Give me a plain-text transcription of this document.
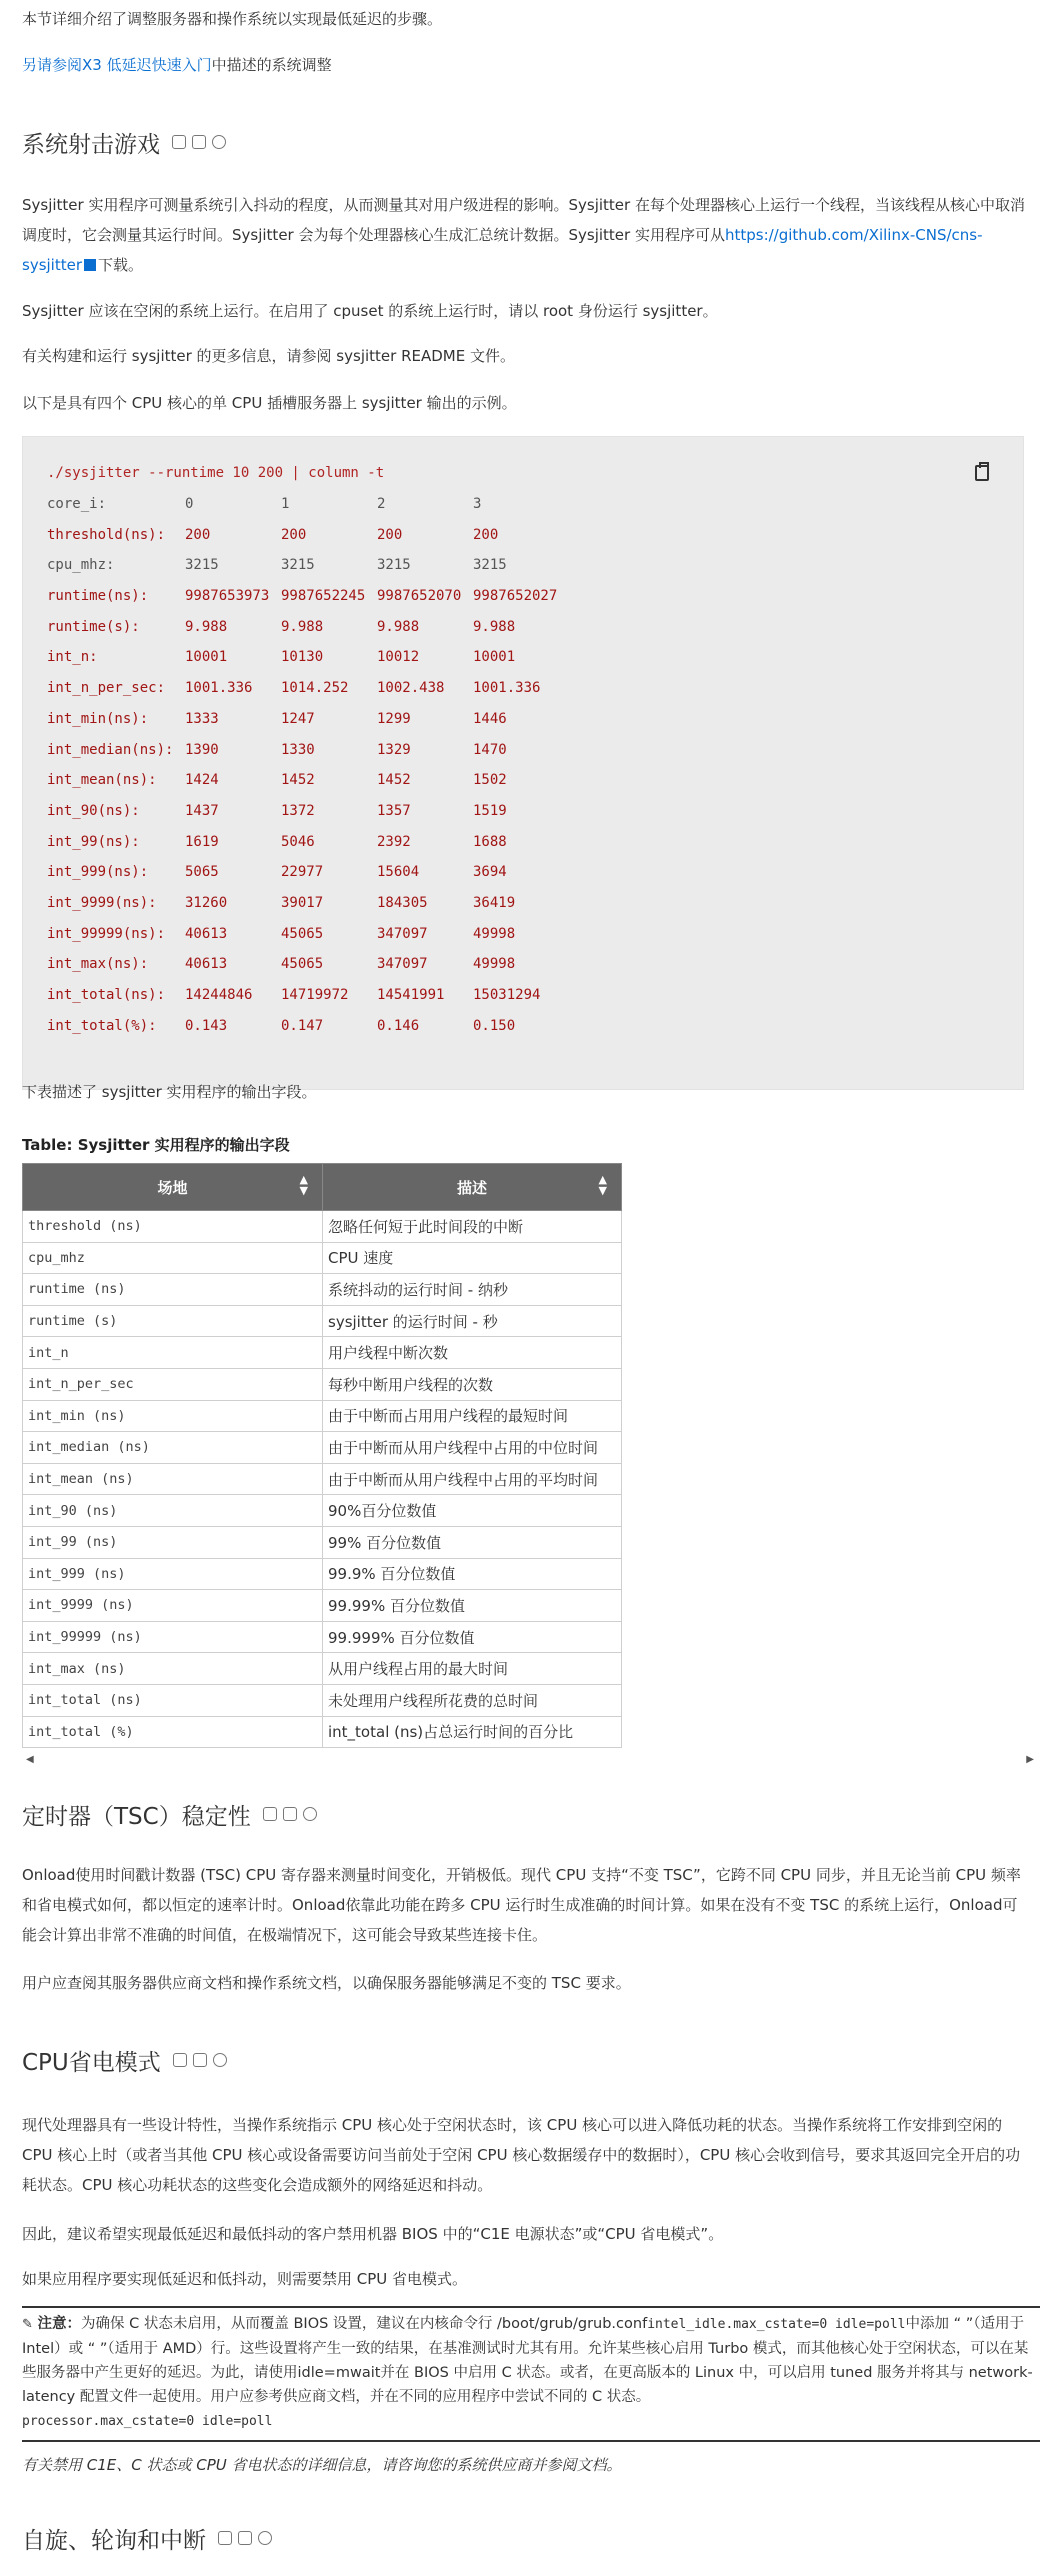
本节详细介绍了调整服务器和操作系统以实现最低延迟的步骤。

另请参阅X3 低延迟快速入门中描述的系统调整

系统射击游戏

Sysjitter 实用程序可测量系统引入抖动的程度，从而测量其对用户级进程的影响。Sysjitter 在每个处理器核心上运行一个线程，当该线程从核心中取消调度时，它会测量其运行时间。Sysjitter 会为每个处理器核心生成汇总统计数据。Sysjitter 实用程序可从https://github.com/Xilinx-CNS/cns-sysjitter 下载。

Sysjitter 应该在空闲的系统上运行。在启用了 cpuset 的系统上运行时，请以 root 身份运行 sysjitter。

有关构建和运行 sysjitter 的更多信息，请参阅 sysjitter README 文件。

以下是具有四个 CPU 核心的单 CPU 插槽服务器上 sysjitter 输出的示例。

./sysjitter --runtime 10 200 | column -t
core_i:	0	1	2	3
threshold(ns):	200	200	200	200
cpu_mhz:	3215	3215	3215	3215
runtime(ns):	9987653973 9987652245 9987652070 9987652027
runtime(s):	9.988	9.988	9.988	9.988
int_n:	10001	10130	10012	10001
int_n_per_sec:	1001.336	1014.252	1002.438	1001.336
int_min(ns):	1333	1247	1299	1446
int_median(ns): 1390	1330	1329	1470
int_mean(ns):	1424	1452	1452	1502
int_90(ns):	1437	1372	1357	1519
int_99(ns):	1619	5046	2392	1688
int_999(ns):	5065	22977	15604	3694
int_9999(ns):	31260	39017	184305	36419
int_99999(ns):	40613	45065	347097	49998
int_max(ns):	40613	45065	347097	49998
int_total(ns):	14244846	14719972	14541991	15031294
int_total(%):	0.143	0.147	0.146	0.150

下表描述了 sysjitter 实用程序的输出字段。

Table: Sysjitter 实用程序的输出字段
场地 ▲
▼	描述 ▲
▼

threshold (ns)	忽略任何短于此时间段的中断
cpu_mhz	CPU 速度
runtime (ns)	系统抖动的运行时间 - 纳秒
runtime (s)	sysjitter 的运行时间 - 秒
int_n	用户线程中断次数
int_n_per_sec	每秒中断用户线程的次数
int_min (ns)	由于中断而占用用户线程的最短时间
int_median (ns)	由于中断而从用户线程中占用的中位时间
int_mean (ns)	由于中断而从用户线程中占用的平均时间
int_90 (ns)	90%百分位数值
int_99 (ns)	99% 百分位数值
int_999 (ns)	99.9% 百分位数值
int_9999 (ns)	99.99% 百分位数值
int_99999 (ns)	99.999% 百分位数值
int_max (ns)	从用户线程占用的最大时间
int_total (ns)	未处理用户线程所花费的总时间
int_total (%)	int_total (ns)占总运行时间的百分比
◀	▶
定时器（TSC）稳定性

Onload使用时间戳计数器 (TSC) CPU 寄存器来测量时间变化，开销极低。现代 CPU 支持“不变 TSC”，它跨不同 CPU 同步，并且无论当前 CPU 频率和省电模式如何，都以恒定的速率计时。Onload依靠此功能在跨多 CPU 运行时生成准确的时间计算。如果在没有不变 TSC 的系统上运行，Onload可能会计算出非常不准确的时间值，在极端情况下，这可能会导致某些连接卡住。

用户应查阅其服务器供应商文档和操作系统文档，以确保服务器能够满足不变的 TSC 要求。

CPU省电模式

现代处理器具有一些设计特性，当操作系统指示 CPU 核心处于空闲状态时，该 CPU 核心可以进入降低功耗的状态。当操作系统将工作安排到空闲的 CPU 核心上时（或者当其他 CPU 核心或设备需要访问当前处于空闲 CPU 核心数据缓存中的数据时），CPU 核心会收到信号，要求其返回完全开启的功耗状态。CPU 核心功耗状态的这些变化会造成额外的网络延迟和抖动。

因此，建议希望实现最低延迟和最低抖动的客户禁用机器 BIOS 中的“C1E 电源状态”或“CPU 省电模式”。

如果应用程序要实现低延迟和低抖动，则需要禁用 CPU 省电模式。

✎ 注意：为确保 C 状态未启用，从而覆盖 BIOS 设置，建议在内核命令行 /boot/grub/grub.confintel_idle.max_cstate=0 idle=poll中添加 “ ”（适用于 Intel）或 “ ”（适用于 AMD）行。这些设置将产生一致的结果，在基准测试时尤其有用。允许某些核心启用 Turbo 模式，而其他核心处于空闲状态，可以在某些服务器中产生更好的延迟。为此，请使用idle=mwait并在 BIOS 中启用 C 状态。或者，在更高版本的 Linux 中，可以启用 tuned 服务并将其与 network-latency 配置文件一起使用。用户应参考供应商文档，并在不同的应用程序中尝试不同的 C 状态。

processor.max_cstate=0 idle=poll

有关禁用 C1E、C 状态或 CPU 省电状态的详细信息，请咨询您的系统供应商并参阅文档。

自旋、轮询和中断
